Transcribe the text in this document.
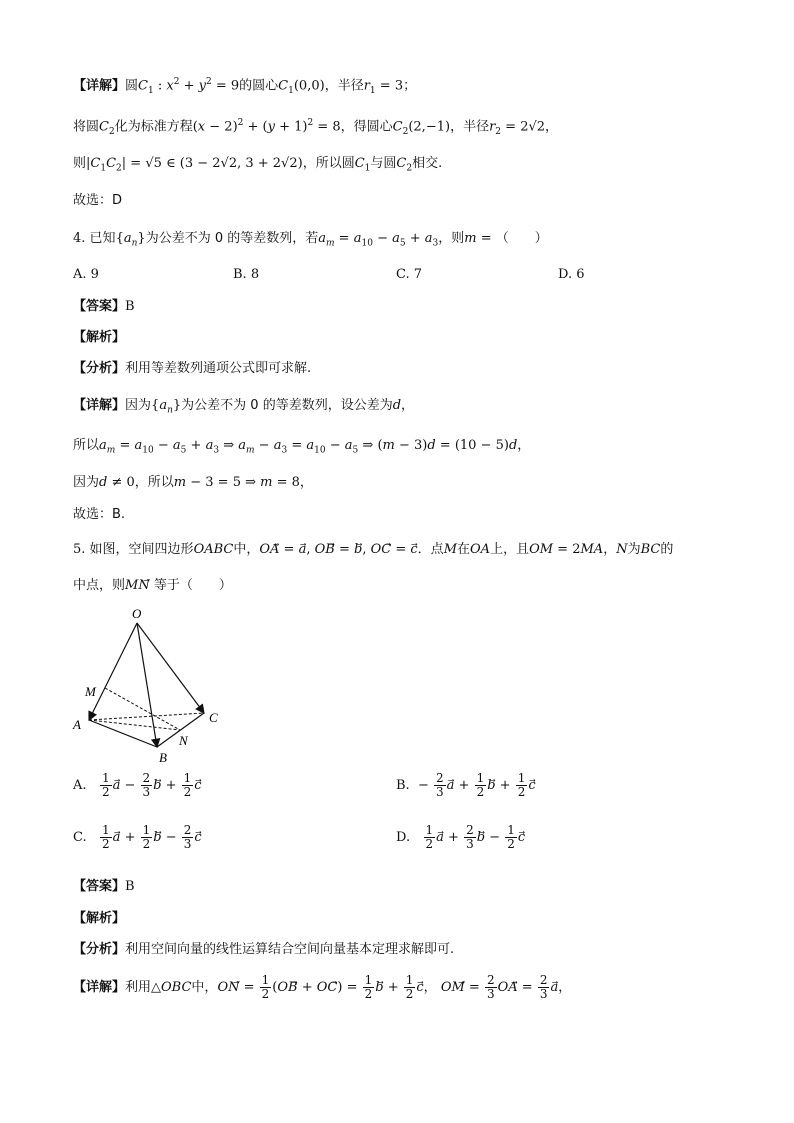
【详解】圆$C_1$ : $x^2 + y^2 = 9$的圆心$C_1(0,0)$，半径$r_1 = 3$；
将圆$C_2$化为标准方程$(x - 2)^2 + (y + 1)^2 = 8$，得圆心$C_2(2,-1)$，半径$r_2 = 2√2$，
则$|C_1C_2| = √5$ ∈ (3 − 2√2, 3 + 2√2)，所以圆$C_1$与圆$C_2$相交.
故选：D
4. 已知$\{a_n\}$为公差不为 0 的等差数列，若$a_m = a_{10} - a_5 + a_3$，则m = （　　）
A. 9	B. 8	C. 7	D. 6
【答案】B
【解析】
【分析】利用等差数列通项公式即可求解.
【详解】因为$\{a_n\}$为公差不为 0 的等差数列，设公差为d，
所以$a_m = a_{10} - a_5 + a_3$ ⇒ $a_m - a_3 = a_{10} - a_5$ ⇒ (m − 3)d = (10 − 5)d，
因为d ≠ 0，所以m − 3 = 5 ⇒ m = 8，
故选：B.
5. 如图，空间四边形OABC中，OA⃗ = a⃗, OB⃗ = b⃗, OC⃗ = c．点M在OA上，且OM = 2MA，N为BC的
中点，则MN⃗ 等于（　　）
O
M
A
B
C
N
A. $\frac{1}{2}$ a⃗ − $\frac{2}{3}$ b⃗ + $\frac{1}{2}$ c	B.  − $\frac{2}{3}$ a⃗ + $\frac{1}{2}$ b⃗ + $\frac{1}{2}$ c
C. $\frac{1}{2}$ a⃗ + $\frac{1}{2}$ b⃗ − $\frac{2}{3}$ c	D. $\frac{1}{2}$ a⃗ + $\frac{2}{3}$ b⃗ − $\frac{1}{2}$ c
【答案】B
【解析】
【分析】利用空间向量的线性运算结合空间向量基本定理求解即可.
【详解】利用△OBC中，ON⃗ = $\frac{1}{2}$ (OB⃗ + OC⃗) = $\frac{1}{2}$ b⃗ + $\frac{1}{2}$ c⃗， OM⃗ = $\frac{2}{3}$ OA⃗ = $\frac{2}{3}$ a⃗，
